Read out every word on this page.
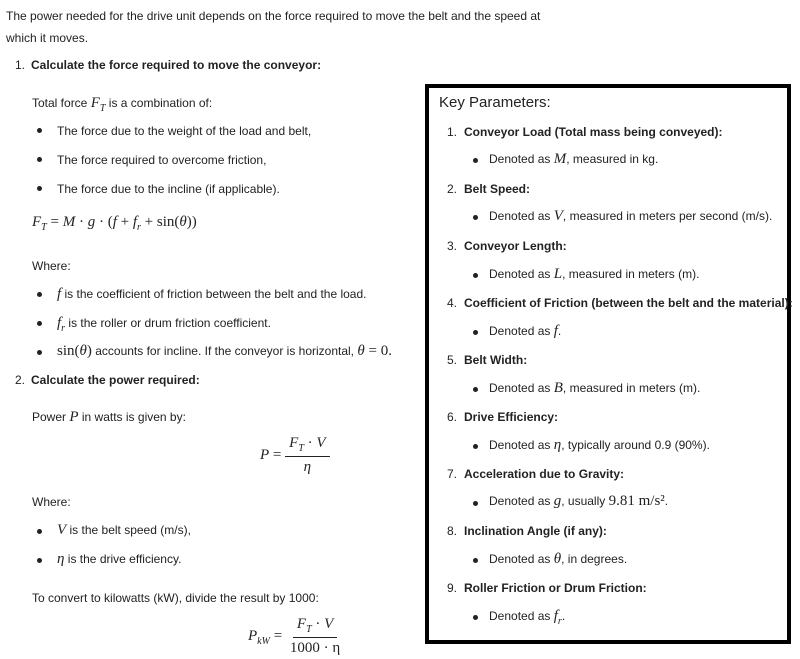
The power needed for the drive unit depends on the force required to move the belt and the speed at
which it moves.
1. Calculate the force required to move the conveyor:
Total force $F_T$ is a combination of:
The force due to the weight of the load and belt,
The force required to overcome friction,
The force due to the incline (if applicable).
$F_T = M \cdot g \cdot (f + f_r + \sin(\theta))$
Where:
f is the coefficient of friction between the belt and the load.
$f_r$ is the roller or drum friction coefficient.
sin(θ) accounts for incline. If the conveyor is horizontal, θ = 0.
2. Calculate the power required:
Power P in watts is given by:
$P = \frac{F_T \cdot V}{\eta}$
Where:
V is the belt speed (m/s),
η is the drive efficiency.
To convert to kilowatts (kW), divide the result by 1000:
$P_{kW} = \frac{F_T \cdot V}{1000 \cdot \eta}$
Key Parameters:
1. Conveyor Load (Total mass being conveyed):
Denoted as M, measured in kg.
2. Belt Speed:
Denoted as V, measured in meters per second (m/s).
3. Conveyor Length:
Denoted as L, measured in meters (m).
4. Coefficient of Friction (between the belt and the material):
Denoted as f.
5. Belt Width:
Denoted as B, measured in meters (m).
6. Drive Efficiency:
Denoted as η, typically around 0.9 (90%).
7. Acceleration due to Gravity:
Denoted as g, usually 9.81 m/s².
8. Inclination Angle (if any):
Denoted as θ, in degrees.
9. Roller Friction or Drum Friction:
Denoted as $f_r$.
